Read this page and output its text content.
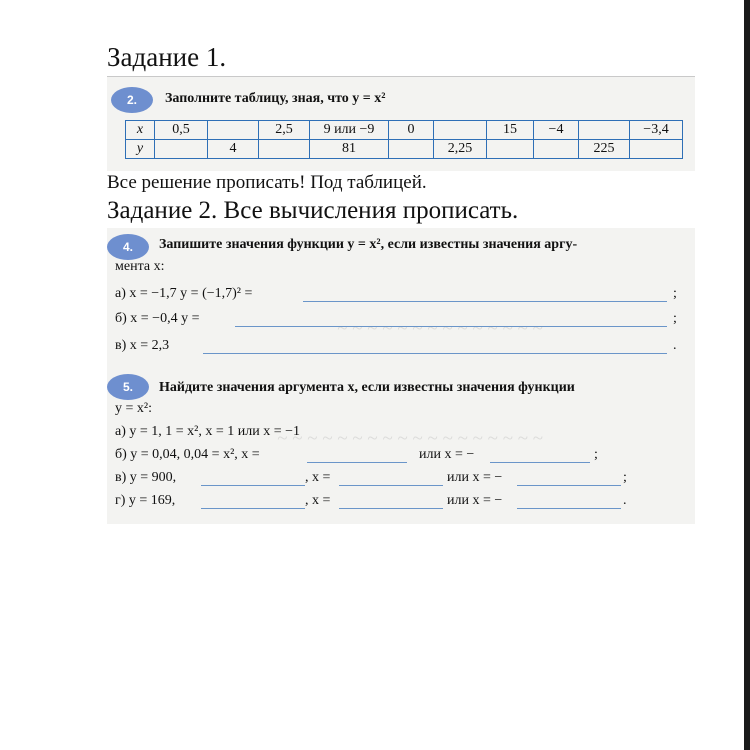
Задание 1.
2.	Заполните таблицу, зная, что y = x²
x	0,5		2,5	9 или −9	0		15	−4		−3,4
y		4		81		2,25			225	
Все решение прописать! Под таблицей.
Задание 2. Все вычисления прописать.
~ ~ ~ ~ ~ ~ ~ ~ ~ ~ ~ ~ ~ ~
~ ~ ~ ~ ~ ~ ~ ~ ~ ~ ~ ~ ~ ~ ~ ~ ~ ~
4.	Запишите значения функции y = x², если известны значения аргу-
мента x:
а) x = −1,7 y = (−1,7)² =	;
б) x = −0,4 y =	;
в) x = 2,3	.
5.	Найдите значения аргумента x, если известны значения функции
y = x²:
а) y = 1, 1 = x², x = 1 или x = −1
б) y = 0,04, 0,04 = x², x =	или x = −	;
в) y = 900,	, x =	или x = −	;
г) y = 169,	, x =	или x = −	.
